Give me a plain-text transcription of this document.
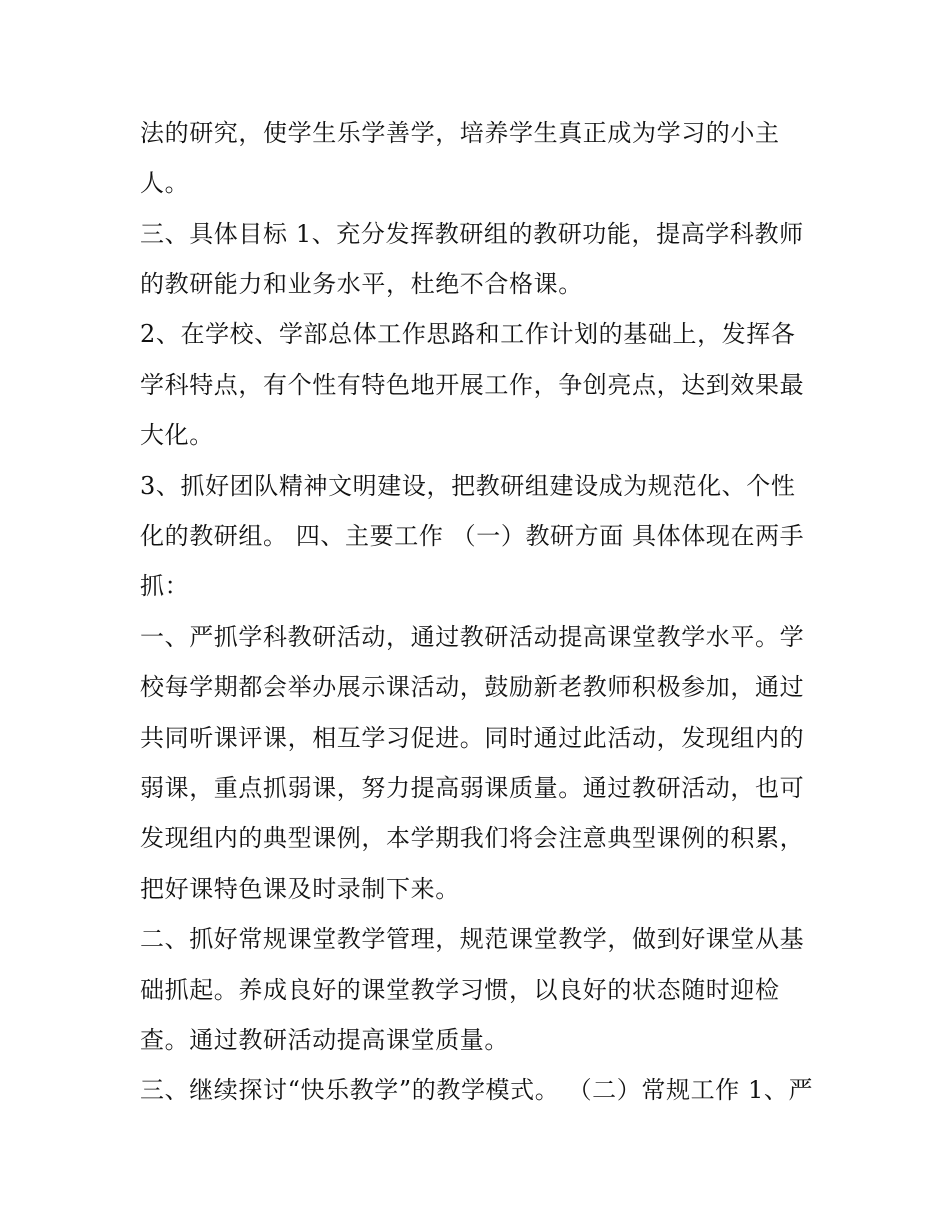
法的研究，使学生乐学善学，培养学生真正成为学习的小主
人。
三、具体目标 1、充分发挥教研组的教研功能，提高学科教师
的教研能力和业务水平，杜绝不合格课。
2、在学校、学部总体工作思路和工作计划的基础上，发挥各
学科特点，有个性有特色地开展工作，争创亮点，达到效果最
大化。
3、抓好团队精神文明建设，把教研组建设成为规范化、个性
化的教研组。 四、主要工作 （一）教研方面 具体体现在两手
抓：
一、严抓学科教研活动，通过教研活动提高课堂教学水平。学
校每学期都会举办展示课活动，鼓励新老教师积极参加，通过
共同听课评课，相互学习促进。同时通过此活动，发现组内的
弱课，重点抓弱课，努力提高弱课质量。通过教研活动，也可
发现组内的典型课例，本学期我们将会注意典型课例的积累，
把好课特色课及时录制下来。
二、抓好常规课堂教学管理，规范课堂教学，做到好课堂从基
础抓起。养成良好的课堂教学习惯，以良好的状态随时迎检
查。通过教研活动提高课堂质量。
三、继续探讨“快乐教学”的教学模式。 （二）常规工作 1、严
